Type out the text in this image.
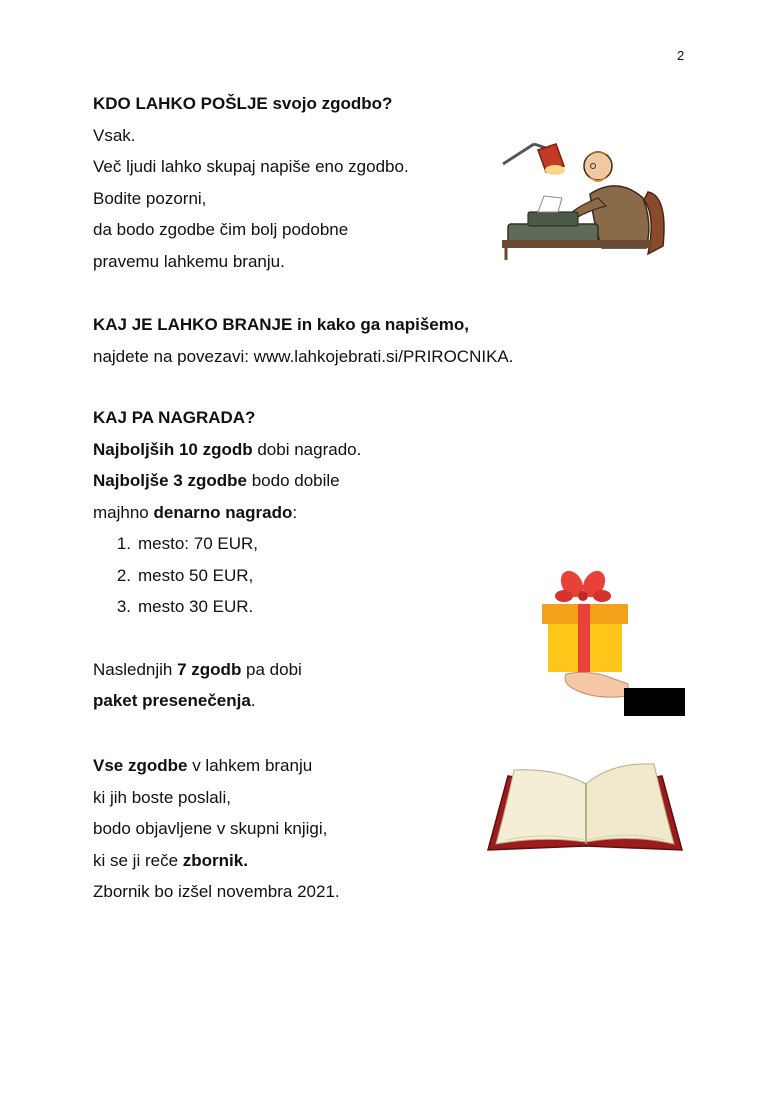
2
KDO LAHKO POŠLJE svojo zgodbo?
Vsak.
Več ljudi lahko skupaj napiše eno zgodbo.
Bodite pozorni,
da bodo zgodbe čim bolj podobne
pravemu lahkemu branju.
KAJ JE LAHKO BRANJE in kako ga napišemo,
najdete na povezavi: www.lahkojebrati.si/PRIROCNIKA.
KAJ PA NAGRADA?
Najboljših 10 zgodb dobi nagrado.
Najboljše 3 zgodbe bodo dobile
majhno denarno nagrado:
1. mesto: 70 EUR,
2. mesto 50 EUR,
3. mesto 30 EUR.
Naslednjih 7 zgodb pa dobi
paket presenečenja.
Vse zgodbe v lahkem branju
ki jih boste poslali,
bodo objavljene v skupni knjigi,
ki se ji reče zbornik.
Zbornik bo izšel novembra 2021.
